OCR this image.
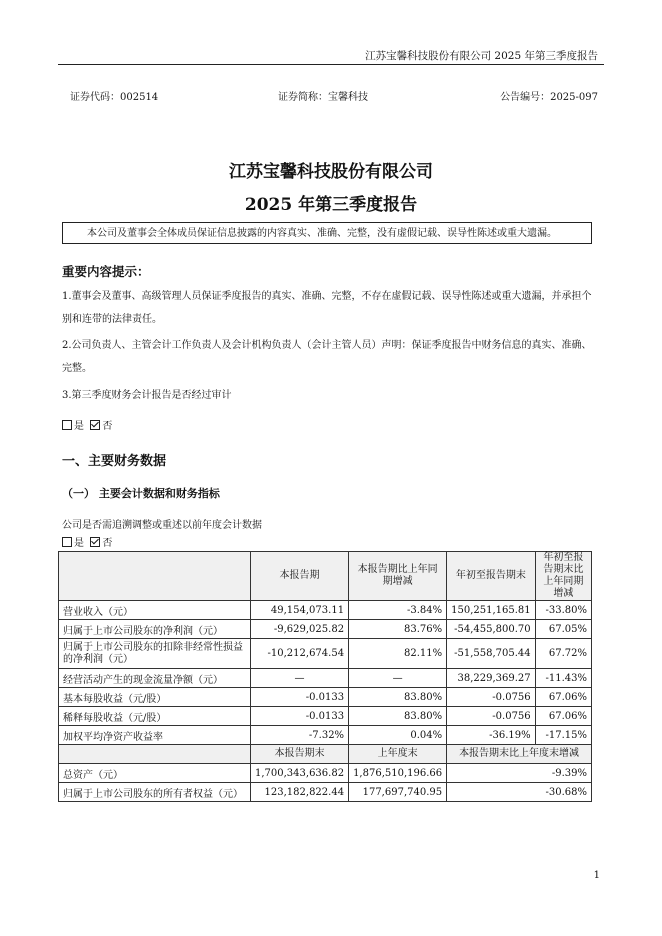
江苏宝馨科技股份有限公司 2025 年第三季度报告
证券代码：002514	证券简称：宝馨科技	公告编号：2025-097
江苏宝馨科技股份有限公司
2025 年第三季度报告
本公司及董事会全体成员保证信息披露的内容真实、准确、完整，没有虚假记载、误导性陈述或重大遗漏。
重要内容提示：
1.董事会及董事、高级管理人员保证季度报告的真实、准确、完整，不存在虚假记载、误导性陈述或重大遗漏，并承担个别和连带的法律责任。
2.公司负责人、主管会计工作负责人及会计机构负责人（会计主管人员）声明：保证季度报告中财务信息的真实、准确、完整。
3.第三季度财务会计报告是否经过审计
是 否
一、主要财务数据
（一） 主要会计数据和财务指标
公司是否需追溯调整或重述以前年度会计数据
是 否
	本报告期	本报告期比上年同期增减	年初至报告期末	年初至报告期末比上年同期增减
营业收入（元）	49,154,073.11	-3.84%	150,251,165.81	-33.80%
归属于上市公司股东的净利润（元）	-9,629,025.82	83.76%	-54,455,800.70	67.05%
归属于上市公司股东的扣除非经常性损益的净利润（元）	-10,212,674.54	82.11%	-51,558,705.44	67.72%
经营活动产生的现金流量净额（元）	—	—	38,229,369.27	-11.43%
基本每股收益（元/股）	-0.0133	83.80%	-0.0756	67.06%
稀释每股收益（元/股）	-0.0133	83.80%	-0.0756	67.06%
加权平均净资产收益率	-7.32%	0.04%	-36.19%	-17.15%
	本报告期末	上年度末	本报告期末比上年度末增减	
总资产（元）	1,700,343,636.82	1,876,510,196.66	-9.39%	
归属于上市公司股东的所有者权益（元）	123,182,822.44	177,697,740.95	-30.68%	
1
